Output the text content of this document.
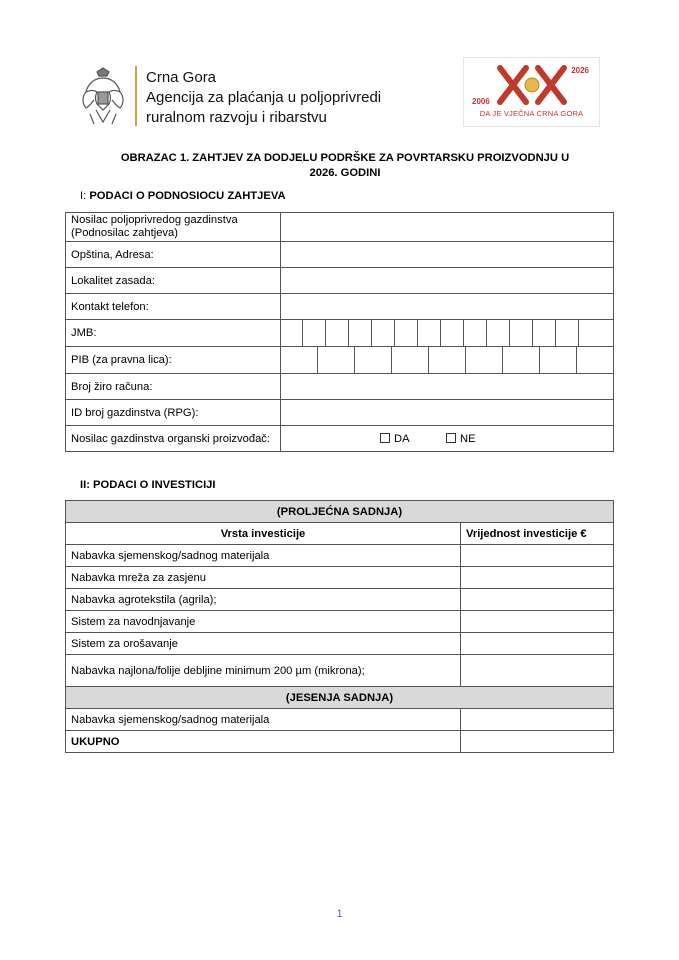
Crna Gora
Agencija za plaćanja u poljoprivredi
ruralnom razvoju i ribarstvu
2006
2026
DA JE VJEČNA CRNA GORA
OBRAZAC 1. ZAHTJEV ZA DODJELU PODRŠKE ZA POVRTARSKU PROIZVODNJU U
2026. GODINI
I: PODACI O PODNOSIOCU ZAHTJEVA
Nosilac poljoprivredog gazdinstva
(Podnosilac zahtjeva)	
Opština, Adresa:	
Lokalitet zasada:	
Kontakt telefon:	
JMB:	

PIB (za pravna lica):	

Broj žiro računa:	
ID broj gazdinstva (RPG):	
Nosilac gazdinstva organski proizvođač:	DA NE
II: PODACI O INVESTICIJI
(PROLJEĆNA SADNJA)	
Vrsta investicije	Vrijednost investicije €
Nabavka sjemenskog/sadnog materijala	
Nabavka mreža za zasjenu	
Nabavka agrotekstila (agrila);	
Sistem za navodnjavanje	
Sistem za orošavanje	
Nabavka najlona/folije debljine minimum 200 µm (mikrona);	
(JESENJA SADNJA)	
Nabavka sjemenskog/sadnog materijala	
UKUPNO	
1
